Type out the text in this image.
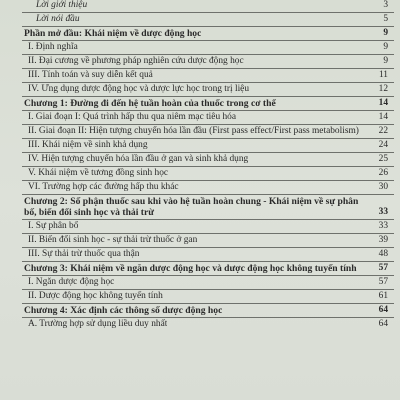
Lời giới thiệu	3
Lời nói đầu	5
Phần mở đầu: Khái niệm về dược động học	9
I. Định nghĩa	9
II. Đại cương về phương pháp nghiên cứu dược động học	9
III. Tính toán và suy diễn kết quả	11
IV. Ứng dụng dược động học và dược lực học trong trị liệu	12
Chương 1: Đường đi đến hệ tuần hoàn của thuốc trong cơ thể	14
I. Giai đoạn I: Quá trình hấp thu qua niêm mạc tiêu hóa	14
II. Giai đoạn II: Hiện tượng chuyển hóa lần đầu (First pass effect/First pass metabolism)	22
III. Khái niệm về sinh khả dụng	24
IV. Hiện tượng chuyển hóa lần đầu ở gan và sinh khả dụng	25
V. Khái niệm về tương đồng sinh học	26
VI. Trường hợp các đường hấp thu khác	30
Chương 2: Số phận thuốc sau khi vào hệ tuần hoàn chung - Khái niệm về sự phân bố, biến đổi sinh học và thải trừ	33
I. Sự phân bố	33
II. Biến đổi sinh học - sự thải trừ thuốc ở gan	39
III. Sự thải trừ thuốc qua thận	48
Chương 3: Khái niệm về ngăn dược động học và dược động học không tuyến tính	57
I. Ngăn dược động học	57
II. Dược động học không tuyến tính	61
Chương 4: Xác định các thông số dược động học	64
A. Trường hợp sử dụng liều duy nhất	64
